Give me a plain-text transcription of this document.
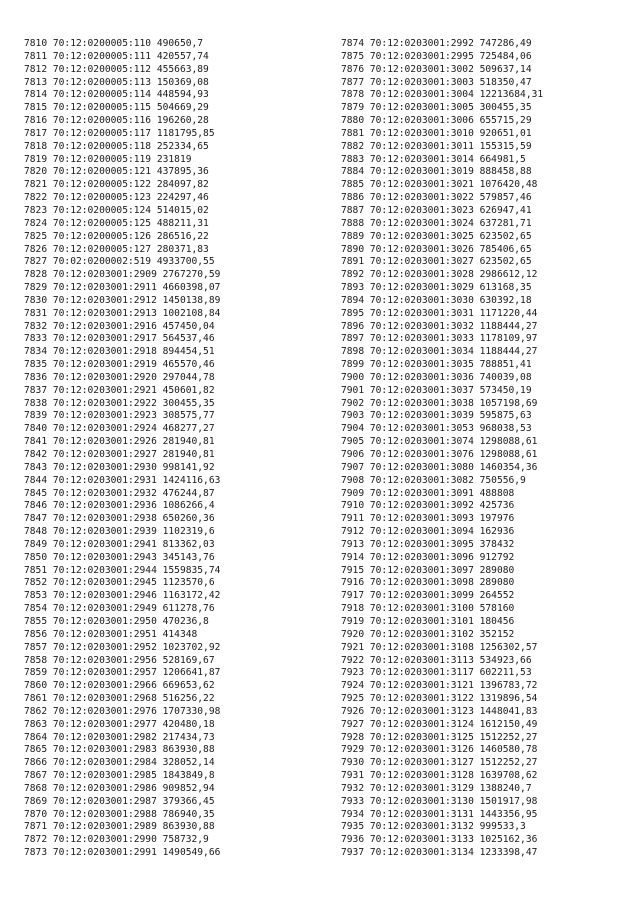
7810 70:12:0200005:110 490650,7
7811 70:12:0200005:111 420557,74
7812 70:12:0200005:112 455663,89
7813 70:12:0200005:113 150369,08
7814 70:12:0200005:114 448594,93
7815 70:12:0200005:115 504669,29
7816 70:12:0200005:116 196260,28
7817 70:12:0200005:117 1181795,85
7818 70:12:0200005:118 252334,65
7819 70:12:0200005:119 231819
7820 70:12:0200005:121 437895,36
7821 70:12:0200005:122 284097,82
7822 70:12:0200005:123 224297,46
7823 70:12:0200005:124 514015,02
7824 70:12:0200005:125 488211,31
7825 70:12:0200005:126 286516,22
7826 70:12:0200005:127 280371,83
7827 70:02:0200002:519 4933700,55
7828 70:12:0203001:2909 2767270,59
7829 70:12:0203001:2911 4660398,07
7830 70:12:0203001:2912 1450138,89
7831 70:12:0203001:2913 1002108,84
7832 70:12:0203001:2916 457450,04
7833 70:12:0203001:2917 564537,46
7834 70:12:0203001:2918 894454,51
7835 70:12:0203001:2919 465570,46
7836 70:12:0203001:2920 297044,78
7837 70:12:0203001:2921 450601,82
7838 70:12:0203001:2922 300455,35
7839 70:12:0203001:2923 308575,77
7840 70:12:0203001:2924 468277,27
7841 70:12:0203001:2926 281940,81
7842 70:12:0203001:2927 281940,81
7843 70:12:0203001:2930 998141,92
7844 70:12:0203001:2931 1424116,63
7845 70:12:0203001:2932 476244,87
7846 70:12:0203001:2936 1086266,4
7847 70:12:0203001:2938 650260,36
7848 70:12:0203001:2939 1102319,6
7849 70:12:0203001:2941 813362,03
7850 70:12:0203001:2943 345143,76
7851 70:12:0203001:2944 1559835,74
7852 70:12:0203001:2945 1123570,6
7853 70:12:0203001:2946 1163172,42
7854 70:12:0203001:2949 611278,76
7855 70:12:0203001:2950 470236,8
7856 70:12:0203001:2951 414348
7857 70:12:0203001:2952 1023702,92
7858 70:12:0203001:2956 528169,67
7859 70:12:0203001:2957 1206641,87
7860 70:12:0203001:2966 669653,62
7861 70:12:0203001:2968 516256,22
7862 70:12:0203001:2976 1707330,98
7863 70:12:0203001:2977 420480,18
7864 70:12:0203001:2982 217434,73
7865 70:12:0203001:2983 863930,88
7866 70:12:0203001:2984 328052,14
7867 70:12:0203001:2985 1843849,8
7868 70:12:0203001:2986 909852,94
7869 70:12:0203001:2987 379366,45
7870 70:12:0203001:2988 786940,35
7871 70:12:0203001:2989 863930,88
7872 70:12:0203001:2990 758732,9
7873 70:12:0203001:2991 1490549,66
7874 70:12:0203001:2992 747286,49
7875 70:12:0203001:2995 725484,06
7876 70:12:0203001:3002 509637,14
7877 70:12:0203001:3003 518350,47
7878 70:12:0203001:3004 12213684,31
7879 70:12:0203001:3005 300455,35
7880 70:12:0203001:3006 655715,29
7881 70:12:0203001:3010 920651,01
7882 70:12:0203001:3011 155315,59
7883 70:12:0203001:3014 664981,5
7884 70:12:0203001:3019 888458,88
7885 70:12:0203001:3021 1076420,48
7886 70:12:0203001:3022 579857,46
7887 70:12:0203001:3023 626947,41
7888 70:12:0203001:3024 637281,71
7889 70:12:0203001:3025 623502,65
7890 70:12:0203001:3026 785406,65
7891 70:12:0203001:3027 623502,65
7892 70:12:0203001:3028 2986612,12
7893 70:12:0203001:3029 613168,35
7894 70:12:0203001:3030 630392,18
7895 70:12:0203001:3031 1171220,44
7896 70:12:0203001:3032 1188444,27
7897 70:12:0203001:3033 1178109,97
7898 70:12:0203001:3034 1188444,27
7899 70:12:0203001:3035 788851,41
7900 70:12:0203001:3036 740039,08
7901 70:12:0203001:3037 573450,19
7902 70:12:0203001:3038 1057198,69
7903 70:12:0203001:3039 595875,63
7904 70:12:0203001:3053 968038,53
7905 70:12:0203001:3074 1298088,61
7906 70:12:0203001:3076 1298088,61
7907 70:12:0203001:3080 1460354,36
7908 70:12:0203001:3082 750556,9
7909 70:12:0203001:3091 488808
7910 70:12:0203001:3092 425736
7911 70:12:0203001:3093 197976
7912 70:12:0203001:3094 162936
7913 70:12:0203001:3095 378432
7914 70:12:0203001:3096 912792
7915 70:12:0203001:3097 289080
7916 70:12:0203001:3098 289080
7917 70:12:0203001:3099 264552
7918 70:12:0203001:3100 578160
7919 70:12:0203001:3101 180456
7920 70:12:0203001:3102 352152
7921 70:12:0203001:3108 1256302,57
7922 70:12:0203001:3113 534923,66
7923 70:12:0203001:3117 602211,53
7924 70:12:0203001:3121 1396783,72
7925 70:12:0203001:3122 1319896,54
7926 70:12:0203001:3123 1448041,83
7927 70:12:0203001:3124 1612150,49
7928 70:12:0203001:3125 1512252,27
7929 70:12:0203001:3126 1460580,78
7930 70:12:0203001:3127 1512252,27
7931 70:12:0203001:3128 1639708,62
7932 70:12:0203001:3129 1388240,7
7933 70:12:0203001:3130 1501917,98
7934 70:12:0203001:3131 1443356,95
7935 70:12:0203001:3132 999533,3
7936 70:12:0203001:3133 1025162,36
7937 70:12:0203001:3134 1233398,47
